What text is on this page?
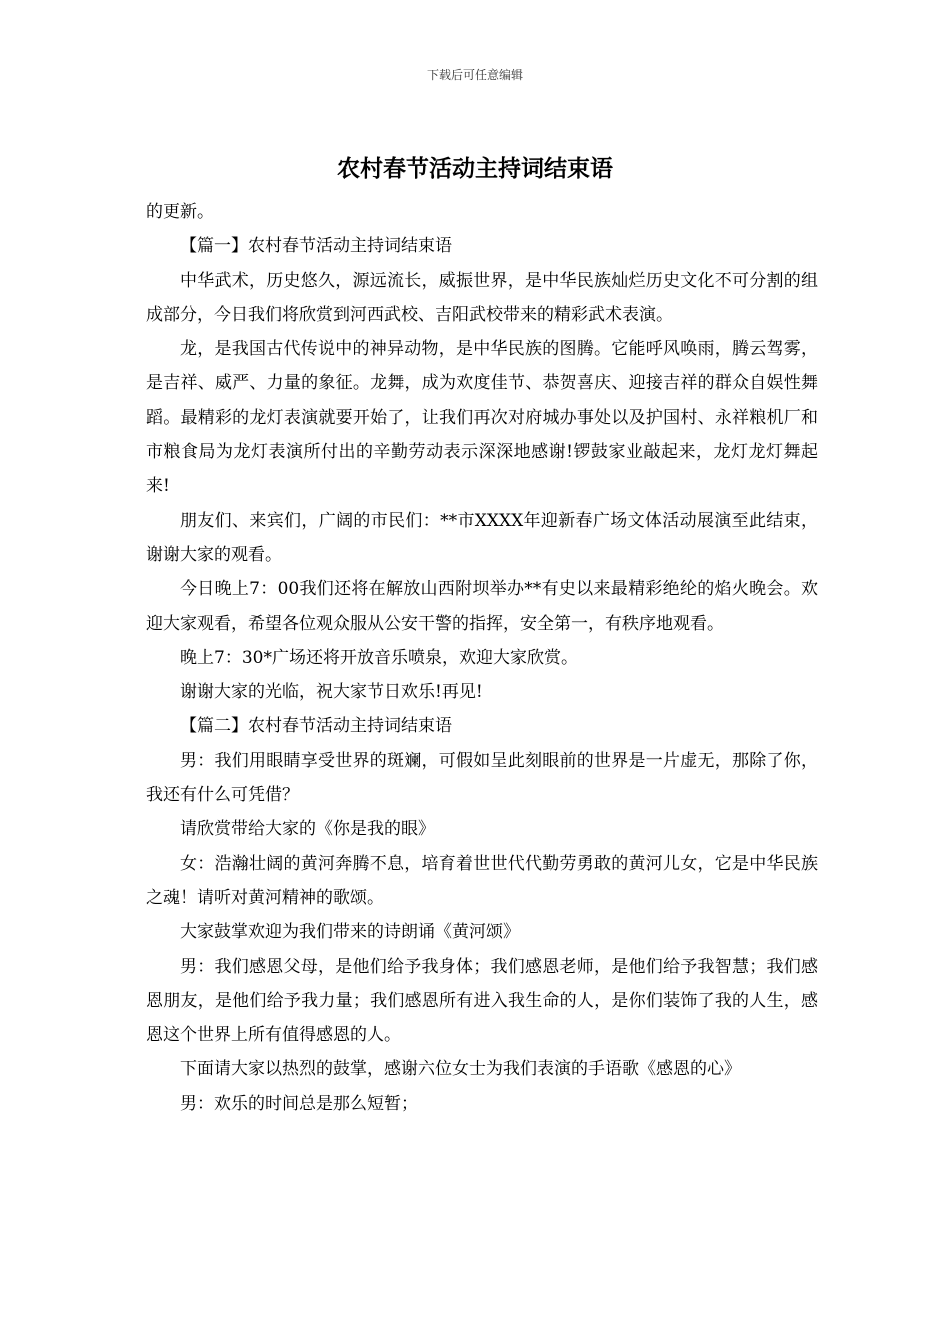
下载后可任意编辑
农村春节活动主持词结束语

的更新。

【篇一】农村春节活动主持词结束语

中华武术，历史悠久，源远流长，威振世界，是中华民族灿烂历史文化不可分割的组成部分，今日我们将欣赏到河西武校、吉阳武校带来的精彩武术表演。

龙，是我国古代传说中的神异动物，是中华民族的图腾。它能呼风唤雨，腾云驾雾，是吉祥、威严、力量的象征。龙舞，成为欢度佳节、恭贺喜庆、迎接吉祥的群众自娱性舞蹈。最精彩的龙灯表演就要开始了，让我们再次对府城办事处以及护国村、永祥粮机厂和市粮食局为龙灯表演所付出的辛勤劳动表示深深地感谢!锣鼓家业敲起来，龙灯龙灯舞起来!

朋友们、来宾们，广阔的市民们：**市XXXX年迎新春广场文体活动展演至此结束，谢谢大家的观看。

今日晚上7：00我们还将在解放山西附坝举办**有史以来最精彩绝纶的焰火晚会。欢迎大家观看，希望各位观众服从公安干警的指挥，安全第一，有秩序地观看。

晚上7：30*广场还将开放音乐喷泉，欢迎大家欣赏。

谢谢大家的光临，祝大家节日欢乐!再见!

【篇二】农村春节活动主持词结束语

男：我们用眼睛享受世界的斑斓，可假如呈此刻眼前的世界是一片虚无，那除了你，我还有什么可凭借？

请欣赏带给大家的《你是我的眼》

女：浩瀚壮阔的黄河奔腾不息，培育着世世代代勤劳勇敢的黄河儿女，它是中华民族之魂！请听对黄河精神的歌颂。

大家鼓掌欢迎为我们带来的诗朗诵《黄河颂》

男：我们感恩父母，是他们给予我身体；我们感恩老师，是他们给予我智慧；我们感恩朋友，是他们给予我力量；我们感恩所有进入我生命的人，是你们装饰了我的人生，感恩这个世界上所有值得感恩的人。

下面请大家以热烈的鼓掌，感谢六位女士为我们表演的手语歌《感恩的心》

男：欢乐的时间总是那么短暂；
